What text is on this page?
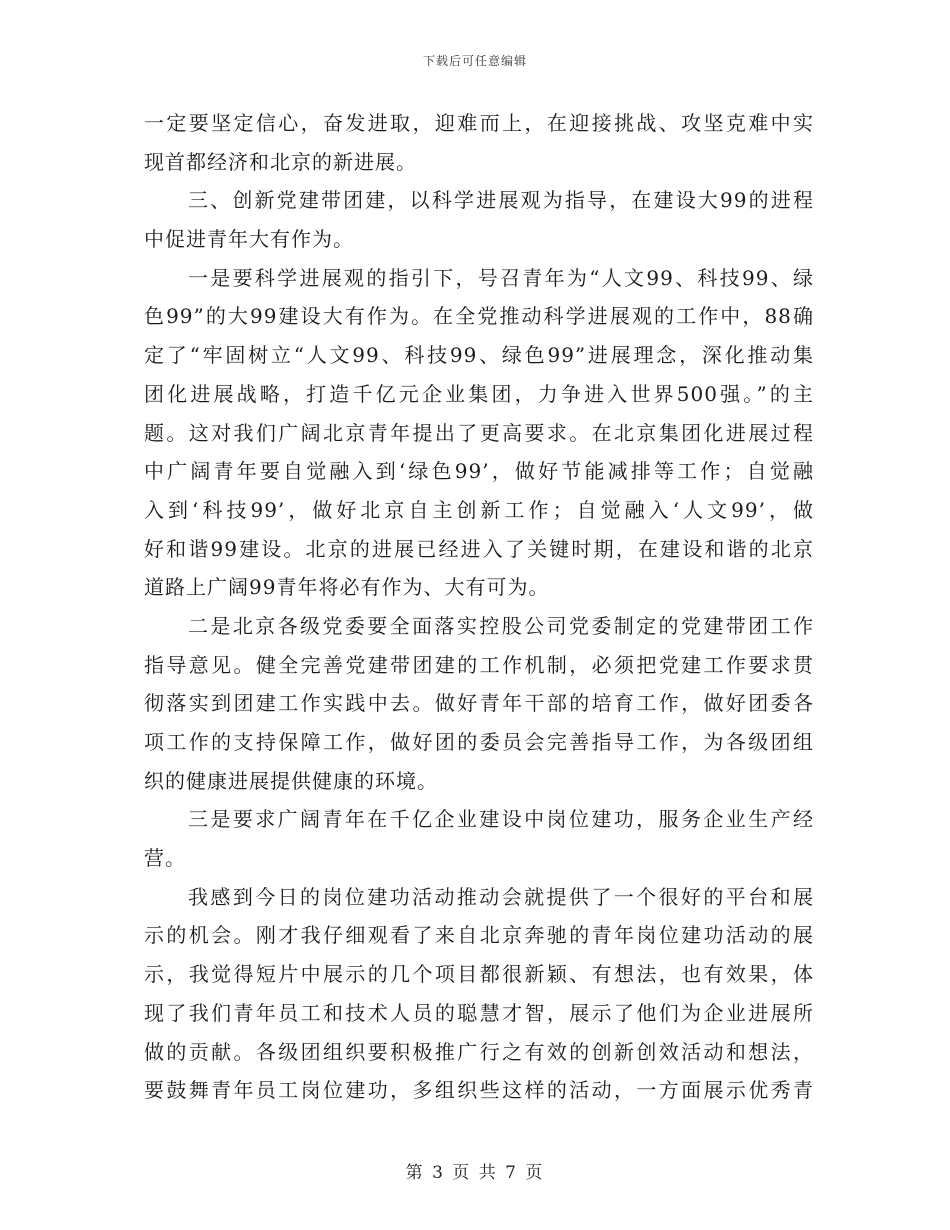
下载后可任意编辑
一定要坚定信心，奋发进取，迎难而上，在迎接挑战、攻坚克难中实
现首都经济和北京的新进展。
三、创新党建带团建，以科学进展观为指导，在建设大99的进程
中促进青年大有作为。
一是要科学进展观的指引下，号召青年为“人文99、科技99、绿
色99”的大99建设大有作为。在全党推动科学进展观的工作中，88确
定了“牢固树立“人文99、科技99、绿色99”进展理念，深化推动集
团化进展战略，打造千亿元企业集团，力争进入世界500强。”的主
题。这对我们广阔北京青年提出了更高要求。在北京集团化进展过程
中广阔青年要自觉融入到‘绿色99’，做好节能减排等工作；自觉融
入到‘科技99’，做好北京自主创新工作；自觉融入‘人文99’，做
好和谐99建设。北京的进展已经进入了关键时期，在建设和谐的北京
道路上广阔99青年将必有作为、大有可为。
二是北京各级党委要全面落实控股公司党委制定的党建带团工作
指导意见。健全完善党建带团建的工作机制，必须把党建工作要求贯
彻落实到团建工作实践中去。做好青年干部的培育工作，做好团委各
项工作的支持保障工作，做好团的委员会完善指导工作，为各级团组
织的健康进展提供健康的环境。
三是要求广阔青年在千亿企业建设中岗位建功，服务企业生产经
营。
我感到今日的岗位建功活动推动会就提供了一个很好的平台和展
示的机会。刚才我仔细观看了来自北京奔驰的青年岗位建功活动的展
示，我觉得短片中展示的几个项目都很新颖、有想法，也有效果，体
现了我们青年员工和技术人员的聪慧才智，展示了他们为企业进展所
做的贡献。各级团组织要积极推广行之有效的创新创效活动和想法，
要鼓舞青年员工岗位建功，多组织些这样的活动，一方面展示优秀青
第 3 页 共 7 页
